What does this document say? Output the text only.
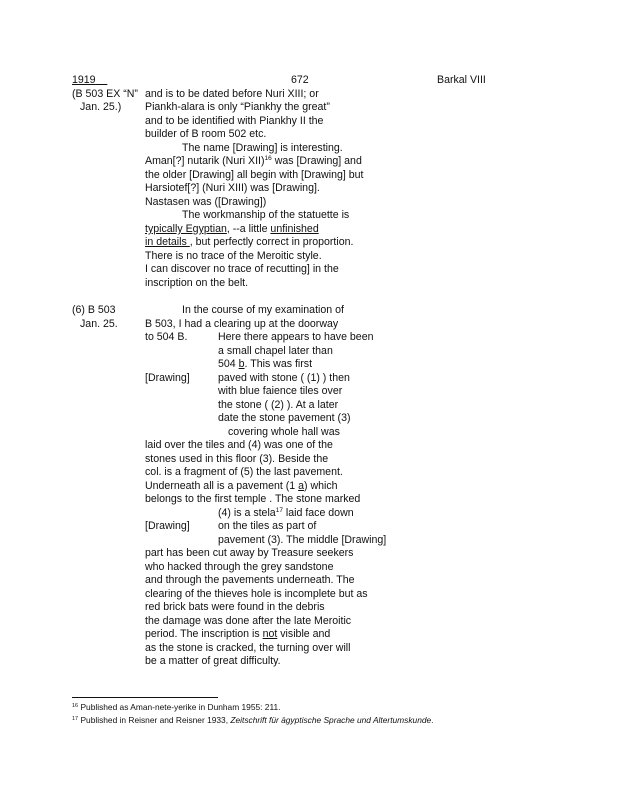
1919	672	Barkal VIII
(B 503 EX “N”
Jan. 25.)
and is to be dated before Nuri XIII; or
Piankh-alara is only “Piankhy the great”
and to be identified with Piankhy II the
builder of B room 502 etc.
The name [Drawing] is interesting.
Aman[?] nutarik (Nuri XII)$^{16}$ was [Drawing] and
the older [Drawing] all begin with [Drawing] but
Harsiotef[?] (Nuri XIII) was [Drawing].
Nastasen was ([Drawing])
The workmanship of the statuette is
typically Egyptian, --a little unfinished
in details , but perfectly correct in proportion.
There is no trace of the Meroitic style.
I can discover no trace of recutting] in the
inscription on the belt.
(6) B 503
Jan. 25.
In the course of my examination of
B 503, I had a clearing up at the doorway
to 504 B.	Here there appears to have been
a small chapel later than
504 b. This was first
[Drawing]	paved with stone ( (1) ) then
with blue faience tiles over
the stone ( (2) ). At a later
date the stone pavement (3)
covering whole hall was
laid over the tiles and (4) was one of the
stones used in this floor (3). Beside the
col. is a fragment of (5) the last pavement.
Underneath all is a pavement (1 a) which
belongs to the first temple . The stone marked
(4) is a stela$^{17}$ laid face down
[Drawing]	on the tiles as part of
pavement (3). The middle [Drawing]
part has been cut away by Treasure seekers
who hacked through the grey sandstone
and through the pavements underneath. The
clearing of the thieves hole is incomplete but as
red brick bats were found in the debris
the damage was done after the late Meroitic
period. The inscription is not visible and
as the stone is cracked, the turning over will
be a matter of great difficulty.
$^{16}$ Published as Aman-nete-yerike in Dunham 1955: 211.
$^{17}$ Published in Reisner and Reisner 1933, Zeitschrift für ägyptische Sprache und Altertumskunde.
